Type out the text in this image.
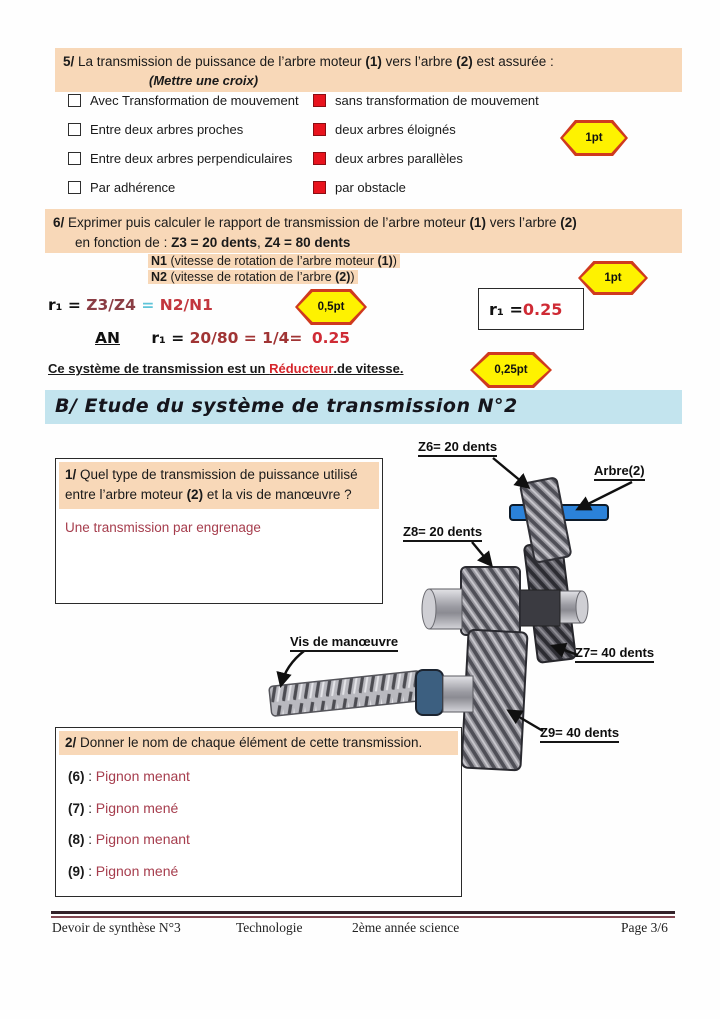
5/ La transmission de puissance de l’arbre moteur (1) vers l’arbre (2) est assurée :
(Mettre une croix)
Avec Transformation de mouvement	sans transformation de mouvement
Entre deux arbres proches	deux arbres éloignés
Entre deux arbres perpendiculaires	deux arbres parallèles
Par adhérence	par obstacle
1pt
6/ Exprimer puis calculer le rapport de transmission de l’arbre moteur (1) vers l’arbre (2)
en fonction de : Z3 = 20 dents, Z4 = 80 dents
N1 (vitesse de rotation de l’arbre moteur (1))
N2 (vitesse de rotation de l’arbre (2))	1pt
r₁ = Z3/Z4 = N2/N1	0,5pt	r₁ = 0.25
AN r₁ = 20/80 = 1/4= 0.25
Ce système de transmission est un Réducteur.de vitesse.	0,25pt
B/ Etude du système de transmission N°2
1/ Quel type de transmission de puissance utilisé entre l’arbre moteur (2) et la vis de manœuvre ?
Une transmission par engrenage
Z6= 20 dents
Arbre(2)
Z8= 20 dents
Vis de manœuvre
Z7= 40 dents
Z9= 40 dents
2/ Donner le nom de chaque élément de cette transmission.
(6) : Pignon menant
(7) : Pignon mené
(8) : Pignon menant
(9) : Pignon mené
Devoir de synthèse N°3	Technologie	2ème année science	Page 3/6
